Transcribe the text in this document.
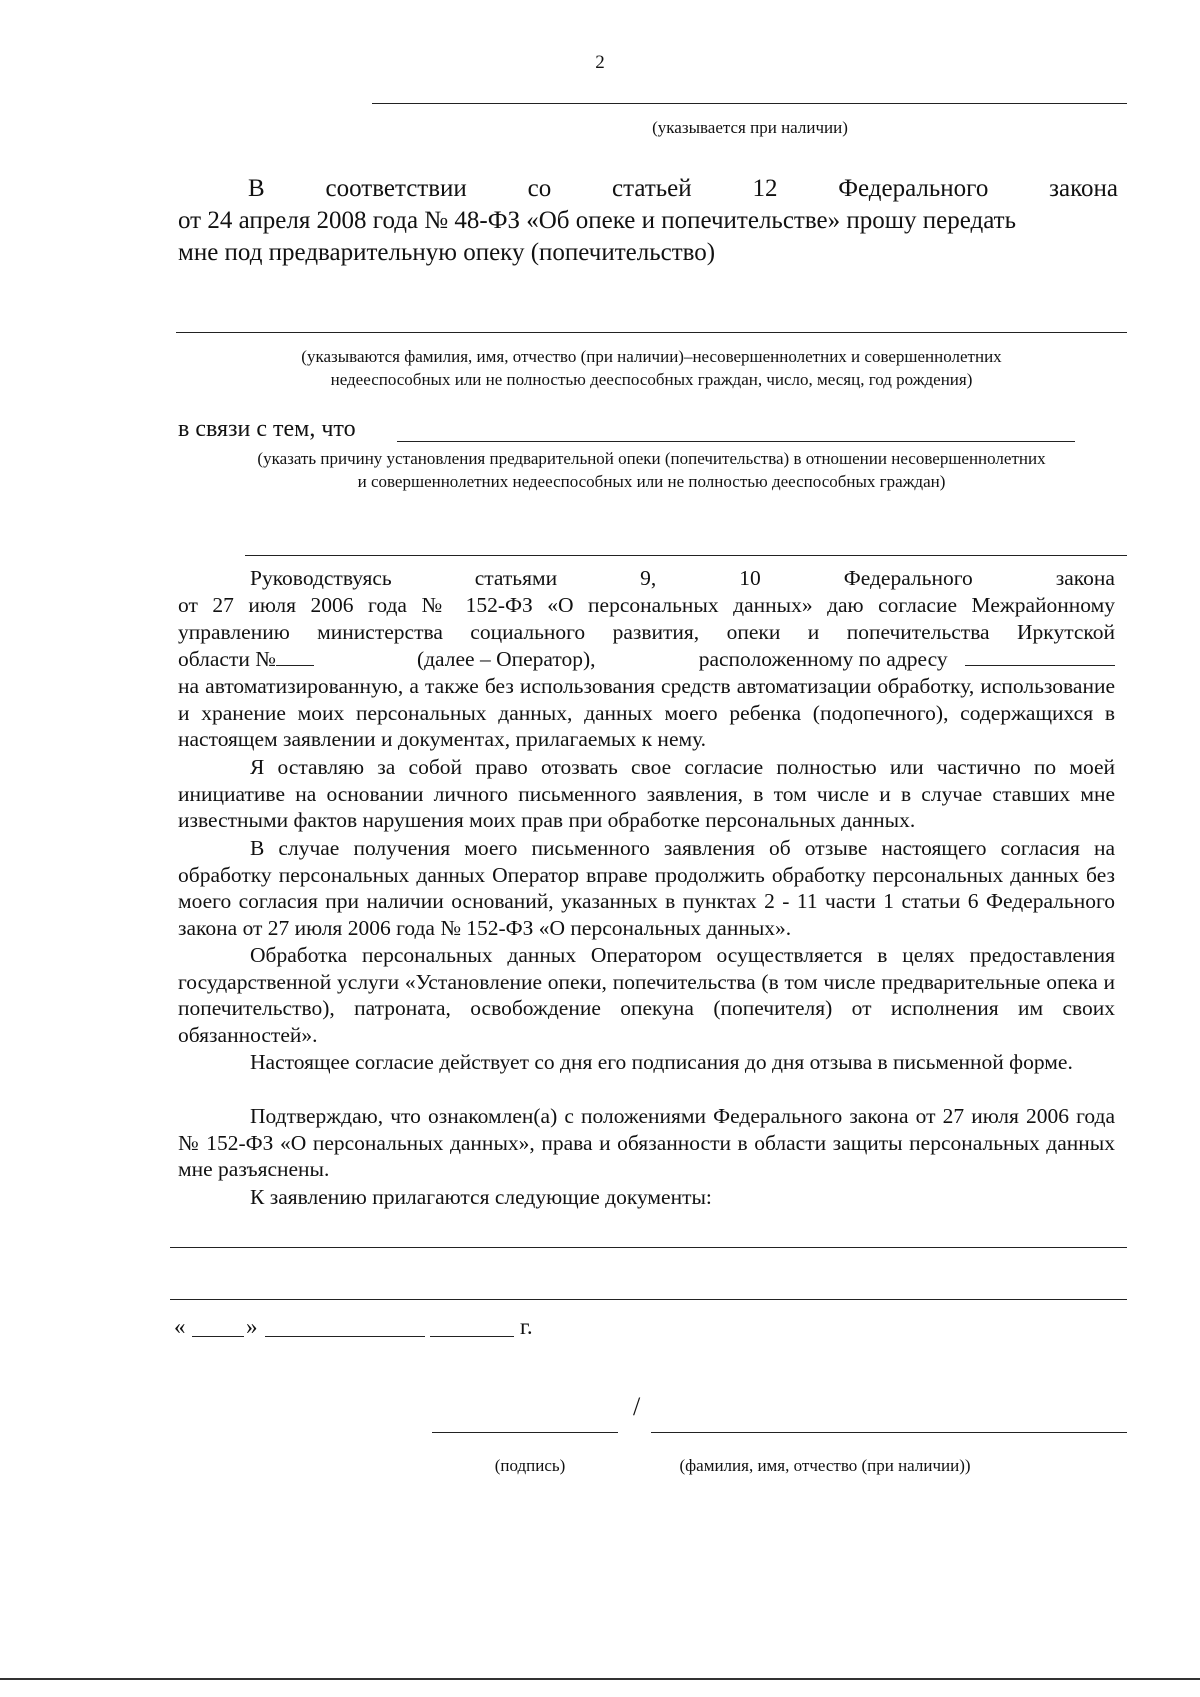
2
(указывается при наличии)
В соответствии со статьей 12 Федерального закона
от 24 апреля 2008 года № 48-ФЗ «Об опеке и попечительстве» прошу передать
мне под предварительную опеку (попечительство)
(указываются фамилия, имя, отчество (при наличии)–несовершеннолетних и совершеннолетних
недееспособных или не полностью дееспособных граждан, число, месяц, год рождения)
в связи с тем, что
(указать причину установления предварительной опеки (попечительства) в отношении несовершеннолетних
и совершеннолетних недееспособных или не полностью дееспособных граждан)
Руководствуясь	статьями	9,	10	Федерального	закона
от 27 июля 2006 года № 152-ФЗ «О персональных данных» даю согласие Межрайонному
управлению министерства социального развития, опеки и попечительства Иркутской
области №	(далее – Оператор),	расположенному по адресу
на автоматизированную, а также без использования средств автоматизации обработку, использование и хранение моих персональных данных, данных моего ребенка (подопечного), содержащихся в настоящем заявлении и документах, прилагаемых к нему.
Я оставляю за собой право отозвать свое согласие полностью или частично по моей инициативе на основании личного письменного заявления, в том числе и в случае ставших мне известными фактов нарушения моих прав при обработке персональных данных.
В случае получения моего письменного заявления об отзыве настоящего согласия на обработку персональных данных Оператор вправе продолжить обработку персональных данных без моего согласия при наличии оснований, указанных в пунктах 2 - 11 части 1 статьи 6 Федерального закона от 27 июля 2006 года № 152-ФЗ «О персональных данных».
Обработка персональных данных Оператором осуществляется в целях предоставления государственной услуги «Установление опеки, попечительства (в том числе предварительные опека и попечительство), патроната, освобождение опекуна (попечителя) от исполнения им своих обязанностей».
Настоящее согласие действует со дня его подписания до дня отзыва в письменной форме.
Подтверждаю, что ознакомлен(а) с положениями Федерального закона от 27 июля 2006 года № 152-ФЗ «О персональных данных», права и обязанности в области защиты персональных данных мне разъяснены.
К заявлению прилагаются следующие документы:
«	»	г.
/
(подпись)	(фамилия, имя, отчество (при наличии))
